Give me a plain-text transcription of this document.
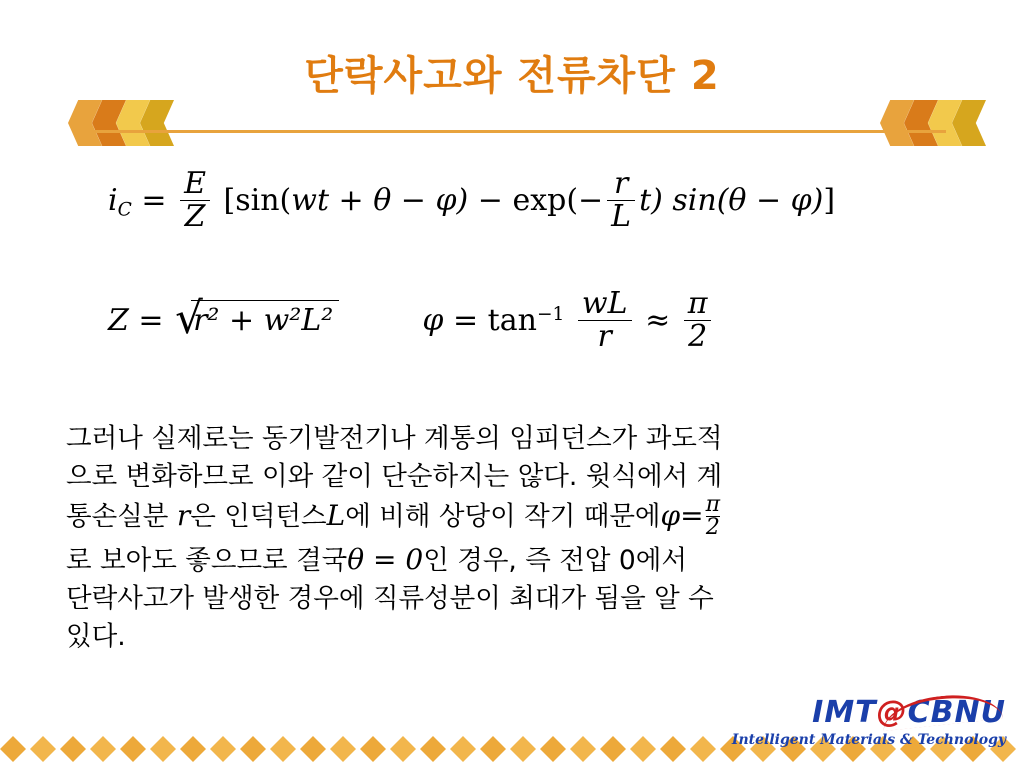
단락사고와 전류차단 2
$i_C = \frac{E}{Z} [\sin(wt + \theta - \varphi) - \exp(- \frac{r}{L} t) \sin(\theta - \varphi)]$
Z = √
r² + w²L²	$\varphi = \tan^{-1} \frac{wL}{r} \approx \frac{\pi}{2}$
그러나 실제로는 동기발전기나 계통의 임피던스가 과도적
으로 변화하므로 이와 같이 단순하지는 않다. 윗식에서 계
통손실분 r은 인덕턴스L에 비해 상당이 작기 때문에$\varphi= \frac{\pi}{2}$
로 보아도 좋으므로 결국θ = 0인 경우, 즉 전압 0에서
단락사고가 발생한 경우에 직류성분이 최대가 됨을 알 수
있다.
IMT@CBNU
Intelligent Materials & Technology
